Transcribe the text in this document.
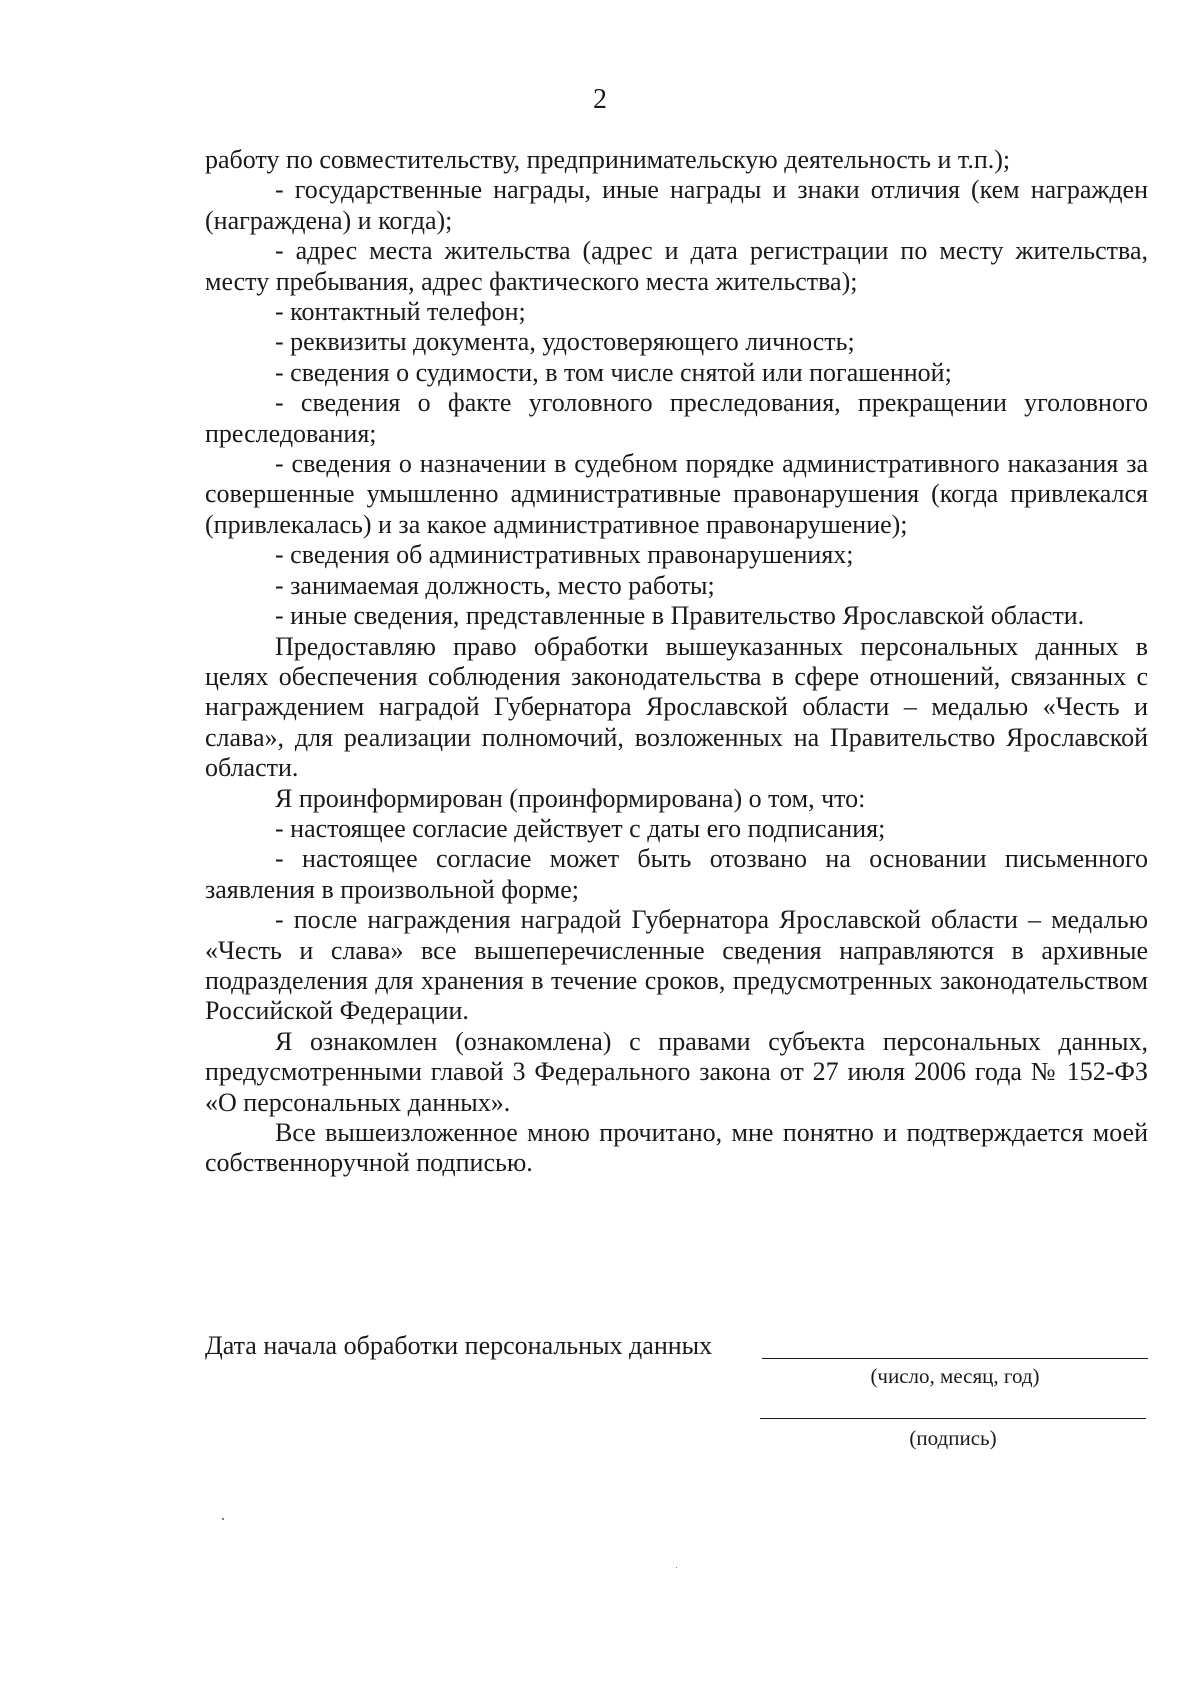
2

работу по совместительству, предпринимательскую деятельность и т.п.);

- государственные награды, иные награды и знаки отличия (кем награжден (награждена) и когда);

- адрес места жительства (адрес и дата регистрации по месту жительства, месту пребывания, адрес фактического места жительства);

- контактный телефон;

- реквизиты документа, удостоверяющего личность;

- сведения о судимости, в том числе снятой или погашенной;

- сведения о факте уголовного преследования, прекращении уголовного преследования;

- сведения о назначении в судебном порядке административного наказания за совершенные умышленно административные правонарушения (когда привлекался (привлекалась) и за какое административное правонарушение);

- сведения об административных правонарушениях;

- занимаемая должность, место работы;

- иные сведения, представленные в Правительство Ярославской области.

Предоставляю право обработки вышеуказанных персональных данных в целях обеспечения соблюдения законодательства в сфере отношений, связанных с награждением наградой Губернатора Ярославской области – медалью «Честь и слава», для реализации полномочий, возложенных на Правительство Ярославской области.

Я проинформирован (проинформирована) о том, что:

- настоящее согласие действует с даты его подписания;

- настоящее согласие может быть отозвано на основании письменного заявления в произвольной форме;

- после награждения наградой Губернатора Ярославской области – медалью «Честь и слава» все вышеперечисленные сведения направляются в архивные подразделения для хранения в течение сроков, предусмотренных законодательством Российской Федерации.

Я ознакомлен (ознакомлена) с правами субъекта персональных данных, предусмотренными главой 3 Федерального закона от 27 июля 2006 года № 152-ФЗ «О персональных данных».

Все вышеизложенное мною прочитано, мне понятно и подтверждается моей собственноручной подписью.

Дата начала обработки персональных данных
(число, месяц, год)
(подпись)
